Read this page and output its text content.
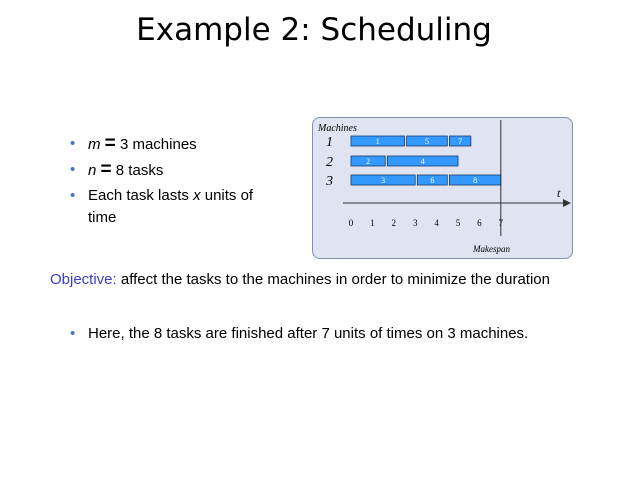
Example 2: Scheduling
• m = 3 machines
• n = 8 tasks
• Each task lasts x units of time
Machines
1
2
3
1	5	7
2	4
3	6	8
t
0 1 2 3 4 5 6 7
Makespan
Objective: affect the tasks to the machines in order to minimize the duration
• Here, the 8 tasks are finished after 7 units of times on 3 machines.
